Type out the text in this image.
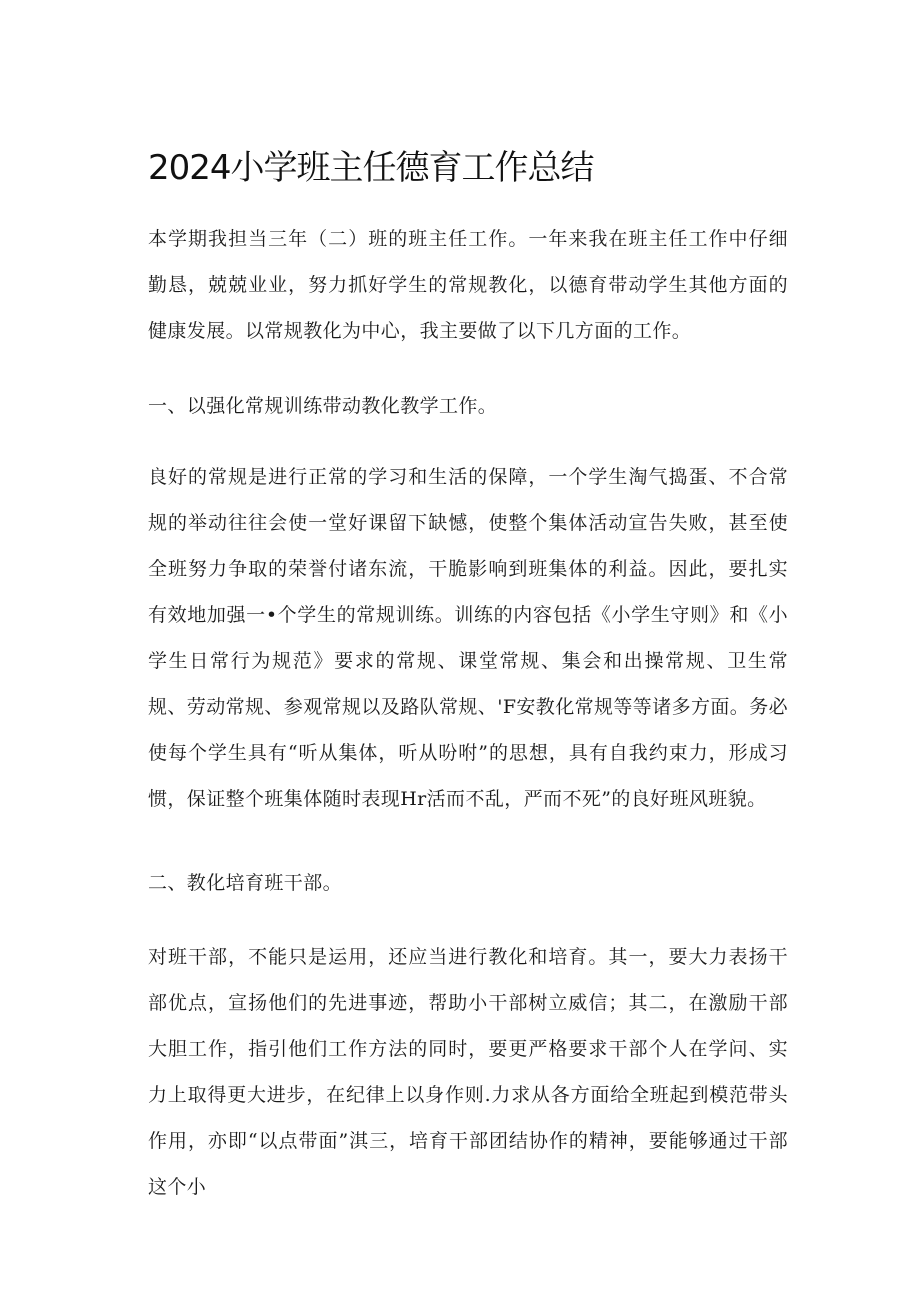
2024小学班主任德育工作总结

本学期我担当三年（二）班的班主任工作。一年来我在班主任工作中仔细勤恳，兢兢业业，努力抓好学生的常规教化，以德育带动学生其他方面的健康发展。以常规教化为中心，我主要做了以下几方面的工作。

一、以强化常规训练带动教化教学工作。

良好的常规是进行正常的学习和生活的保障，一个学生淘气捣蛋、不合常规的举动往往会使一堂好课留下缺憾，使整个集体活动宣告失败，甚至使全班努力争取的荣誉付诸东流，干脆影响到班集体的利益。因此，要扎实有效地加强一•个学生的常规训练。训练的内容包括《小学生守则》和《小学生日常行为规范》要求的常规、课堂常规、集会和出操常规、卫生常规、劳动常规、参观常规以及路队常规、'F安教化常规等等诸多方面。务必使每个学生具有“听从集体，听从吩咐”的思想，具有自我约束力，形成习惯，保证整个班集体随时表现Hr活而不乱，严而不死”的良好班风班貌。

二、教化培育班干部。

对班干部，不能只是运用，还应当进行教化和培育。其一，要大力表扬干部优点，宣扬他们的先进事迹，帮助小干部树立威信；其二，在激励干部大胆工作，指引他们工作方法的同时，要更严格要求干部个人在学问、实力上取得更大进步，在纪律上以身作则.力求从各方面给全班起到模范带头作用，亦即“以点带面”淇三，培育干部团结协作的精神，要能够通过干部这个小
